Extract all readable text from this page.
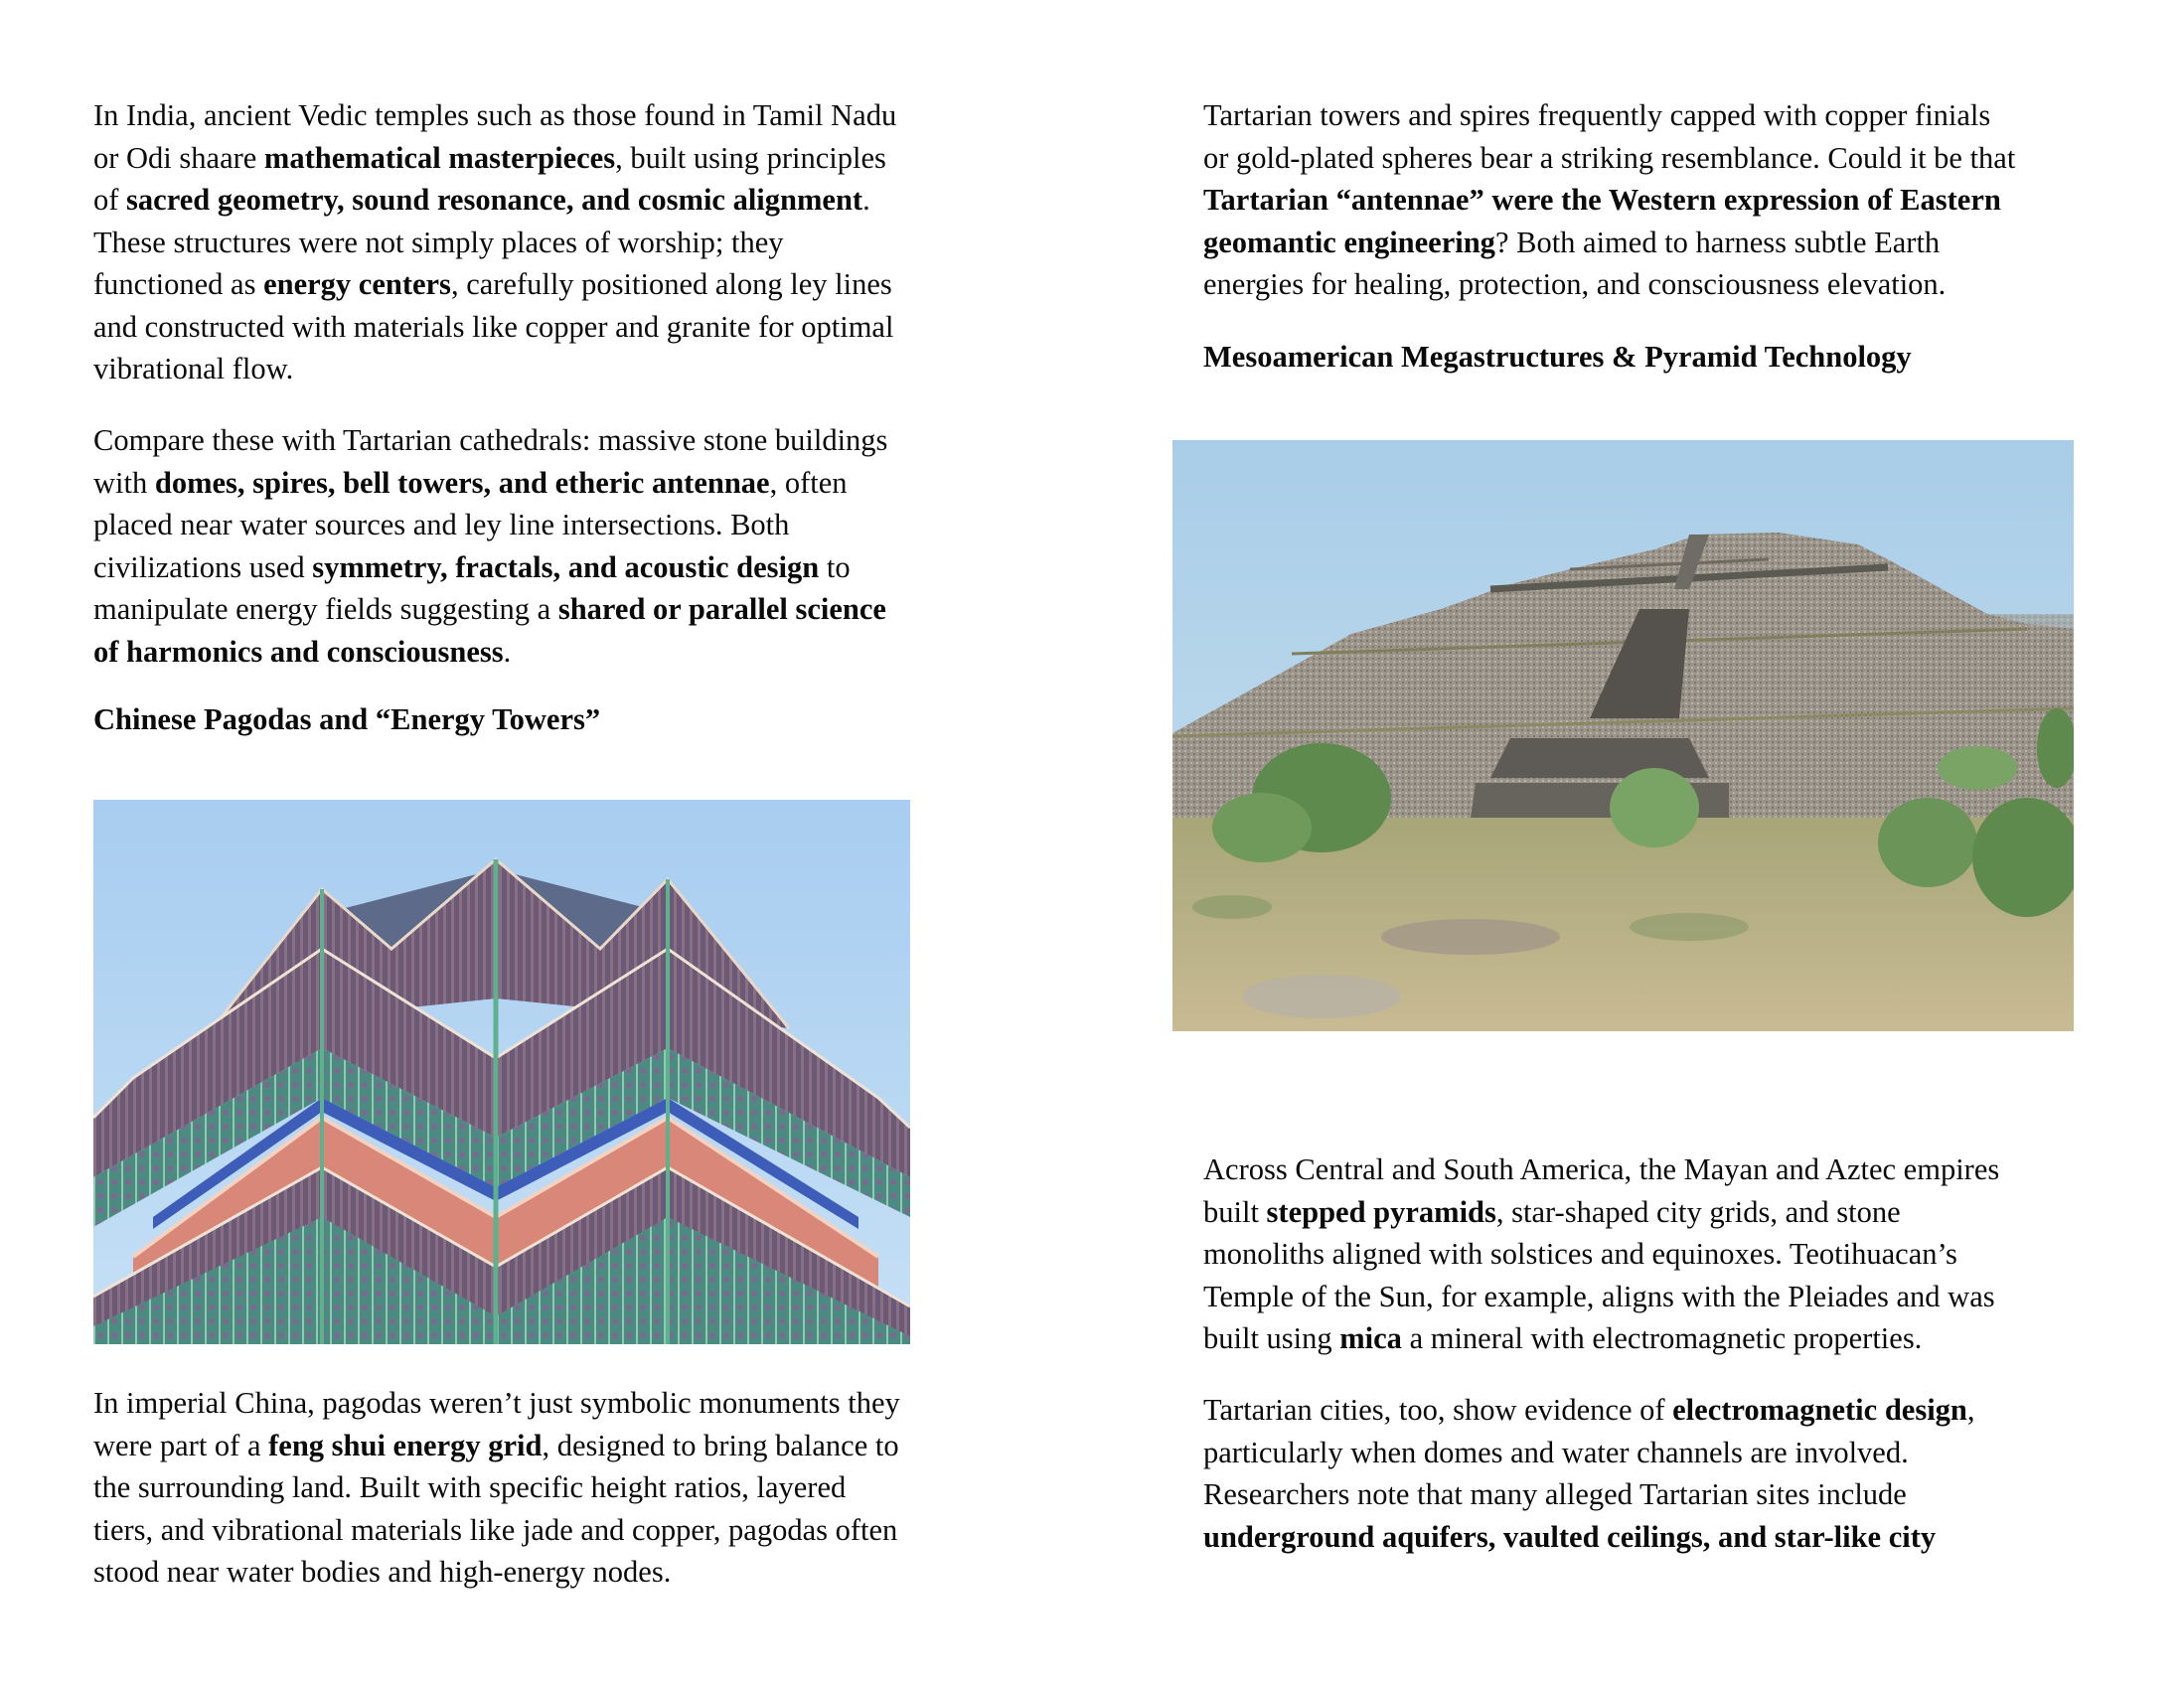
In India, ancient Vedic temples such as those found in Tamil Nadu
or Odi shaare mathematical masterpieces, built using principles
of sacred geometry, sound resonance, and cosmic alignment.
These structures were not simply places of worship; they
functioned as energy centers, carefully positioned along ley lines
and constructed with materials like copper and granite for optimal
vibrational flow.
Compare these with Tartarian cathedrals: massive stone buildings
with domes, spires, bell towers, and etheric antennae, often
placed near water sources and ley line intersections. Both
civilizations used symmetry, fractals, and acoustic design to
manipulate energy fields suggesting a shared or parallel science
of harmonics and consciousness.
Chinese Pagodas and “Energy Towers”
In imperial China, pagodas weren’t just symbolic monuments they
were part of a feng shui energy grid, designed to bring balance to
the surrounding land. Built with specific height ratios, layered
tiers, and vibrational materials like jade and copper, pagodas often
stood near water bodies and high-energy nodes.
Tartarian towers and spires frequently capped with copper finials
or gold-plated spheres bear a striking resemblance. Could it be that
Tartarian “antennae” were the Western expression of Eastern
geomantic engineering? Both aimed to harness subtle Earth
energies for healing, protection, and consciousness elevation.
Mesoamerican Megastructures & Pyramid Technology
Across Central and South America, the Mayan and Aztec empires
built stepped pyramids, star-shaped city grids, and stone
monoliths aligned with solstices and equinoxes. Teotihuacan’s
Temple of the Sun, for example, aligns with the Pleiades and was
built using mica a mineral with electromagnetic properties.
Tartarian cities, too, show evidence of electromagnetic design,
particularly when domes and water channels are involved.
Researchers note that many alleged Tartarian sites include
underground aquifers, vaulted ceilings, and star-like city
